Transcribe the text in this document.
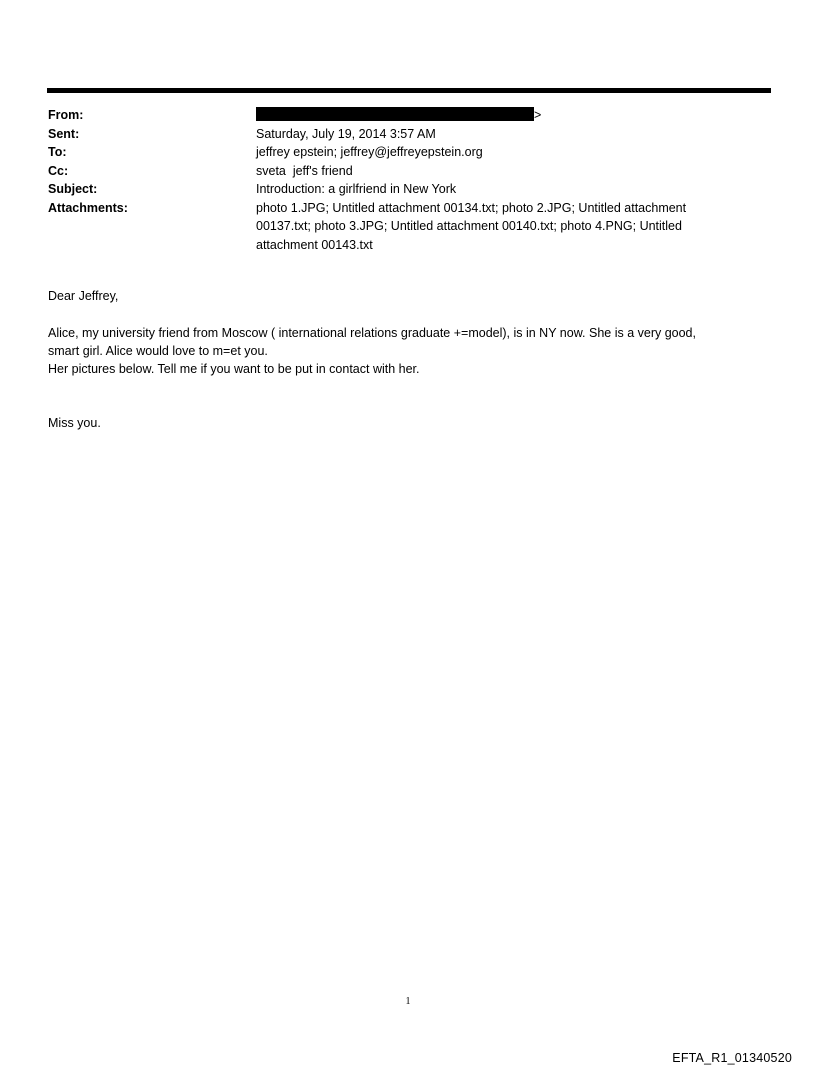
From:	>
Sent:	Saturday, July 19, 2014 3:57 AM
To:	jeffrey epstein; jeffrey@jeffreyepstein.org
Cc:	sveta  jeff's friend
Subject:	Introduction: a girlfriend in New York
Attachments:	photo 1.JPG; Untitled attachment 00134.txt; photo 2.JPG; Untitled attachment 00137.txt; photo 3.JPG; Untitled attachment 00140.txt; photo 4.PNG; Untitled attachment 00143.txt

Dear Jeffrey,

Alice, my university friend from Moscow ( international relations graduate +=model), is in NY now. She is a very good,

smart girl. Alice would love to m=et you.

Her pictures below. Tell me if you want to be put in contact with her.

Miss you.

1
EFTA_R1_01340520
